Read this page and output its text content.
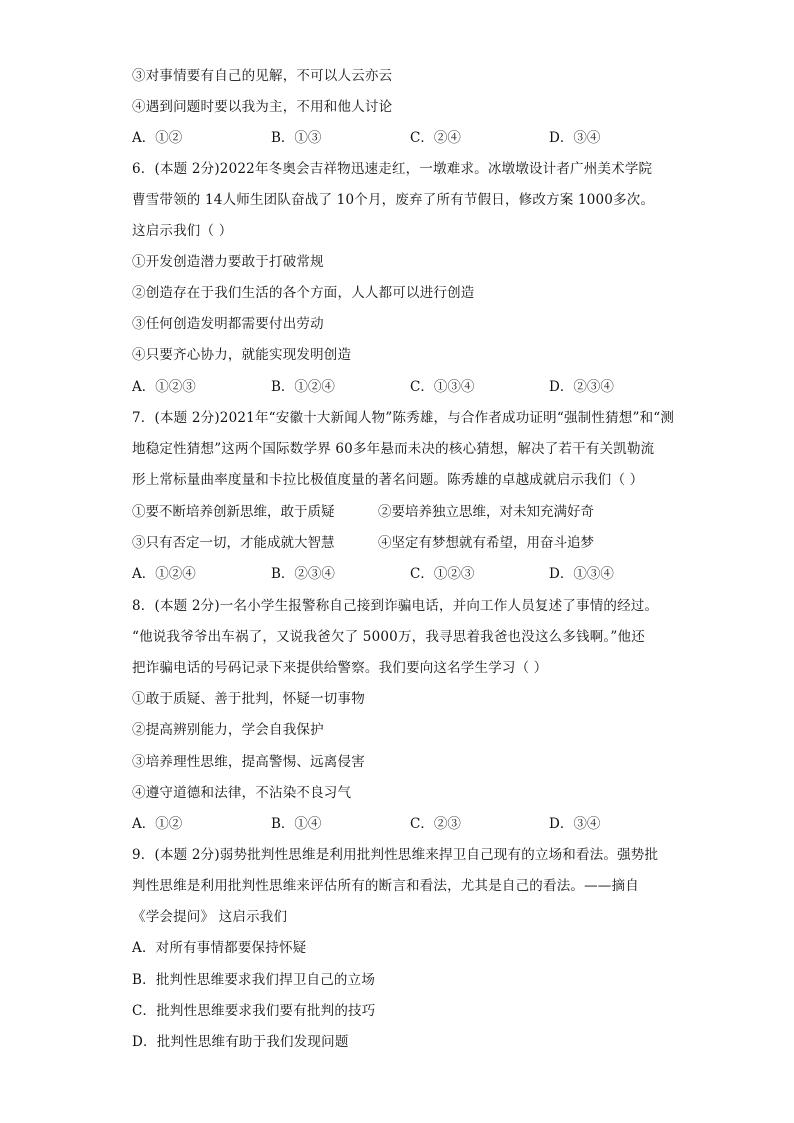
③对事情要有自己的见解，不可以人云亦云
④遇到问题时要以我为主，不用和他人讨论
A．①②	B．①③	C．②④	D．③④
6．(本题 2分)2022年冬奥会吉祥物迅速走红，一墩难求。冰墩墩设计者广州美术学院
曹雪带领的 14人师生团队奋战了 10个月，废弃了所有节假日，修改方案 1000多次。
这启示我们（ ）
①开发创造潜力要敢于打破常规
②创造存在于我们生活的各个方面，人人都可以进行创造
③任何创造发明都需要付出劳动
④只要齐心协力，就能实现发明创造
A．①②③	B．①②④	C．①③④	D．②③④
7．(本题 2分)2021年“安徽十大新闻人物”陈秀雄，与合作者成功证明“强制性猜想”和“测
地稳定性猜想”这两个国际数学界 60多年悬而未决的核心猜想，解决了若干有关凯勒流
形上常标量曲率度量和卡拉比极值度量的著名问题。陈秀雄的卓越成就启示我们（ ）
①要不断培养创新思维，敢于质疑	②要培养独立思维，对未知充满好奇
③只有否定一切，才能成就大智慧	④坚定有梦想就有希望，用奋斗追梦
A．①②④	B．②③④	C．①②③	D．①③④
8．(本题 2分)一名小学生报警称自己接到诈骗电话，并向工作人员复述了事情的经过。
“他说我爷爷出车祸了，又说我爸欠了 5000万，我寻思着我爸也没这么多钱啊。”他还
把诈骗电话的号码记录下来提供给警察。我们要向这名学生学习（ ）
①敢于质疑、善于批判，怀疑一切事物
②提高辨别能力，学会自我保护
③培养理性思维，提高警惕、远离侵害
④遵守道德和法律，不沾染不良习气
A．①②	B．①④	C．②③	D．③④
9．(本题 2分)弱势批判性思维是利用批判性思维来捍卫自己现有的立场和看法。强势批
判性思维是利用批判性思维来评估所有的断言和看法，尤其是自己的看法。——摘自
《学会提问》 这启示我们
A．对所有事情都要保持怀疑
B．批判性思维要求我们捍卫自己的立场
C．批判性思维要求我们要有批判的技巧
D．批判性思维有助于我们发现问题
